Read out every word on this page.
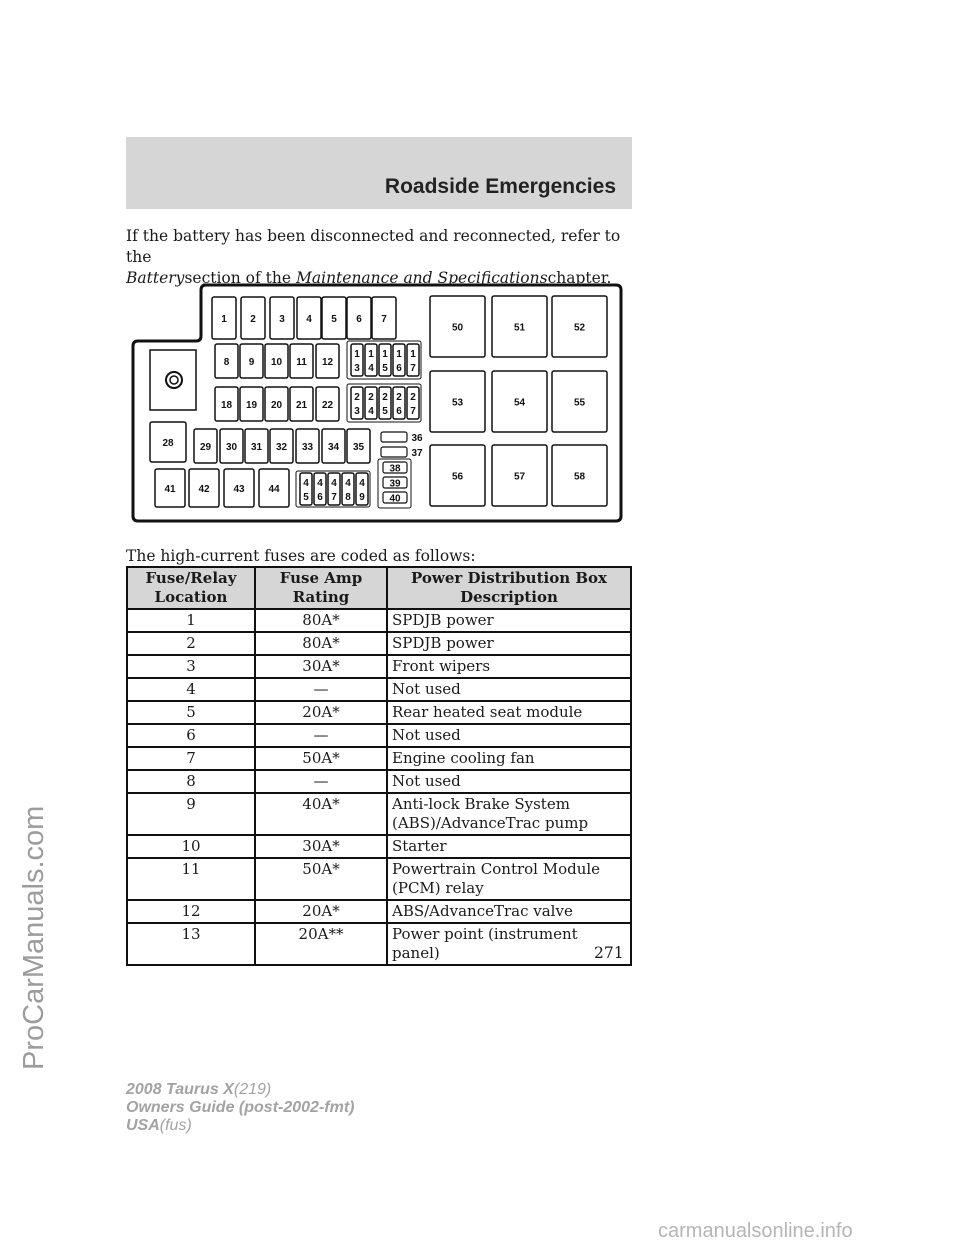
Roadside Emergencies
If the battery has been disconnected and reconnected, refer to the
Batterysection of the Maintenance and Specificationschapter.
1 2 3 4 5 6 7
8 9 10 11 12
1
3
1
4
1
5
1
6
1
7
18 19 20 21 22
2
3
2
4
2
5
2
6
2
7
28	29 30 31 32 33 34 35
36
37
38
39
40
41 42 43 44
4
5
4
6
4
7
4
8
4
9
50	51	52
53	54	55
56	57	58
The high-current fuses are coded as follows:
Fuse/Relay Location	Fuse Amp Rating	Power Distribution Box Description
1	80A*	SPDJB power
2	80A*	SPDJB power
3	30A*	Front wipers
4	—	Not used
5	20A*	Rear heated seat module
6	—	Not used
7	50A*	Engine cooling fan
8	—	Not used
9	40A*	Anti-lock Brake System (ABS)/AdvanceTrac pump
10	30A*	Starter
11	50A*	Powertrain Control Module (PCM) relay
12	20A*	ABS/AdvanceTrac valve
13	20A**	Power point (instrument panel)	271
2008 Taurus X(219)
Owners Guide (post-2002-fmt)
USA(fus)
ProCarManuals.com
carmanualsonline.info
